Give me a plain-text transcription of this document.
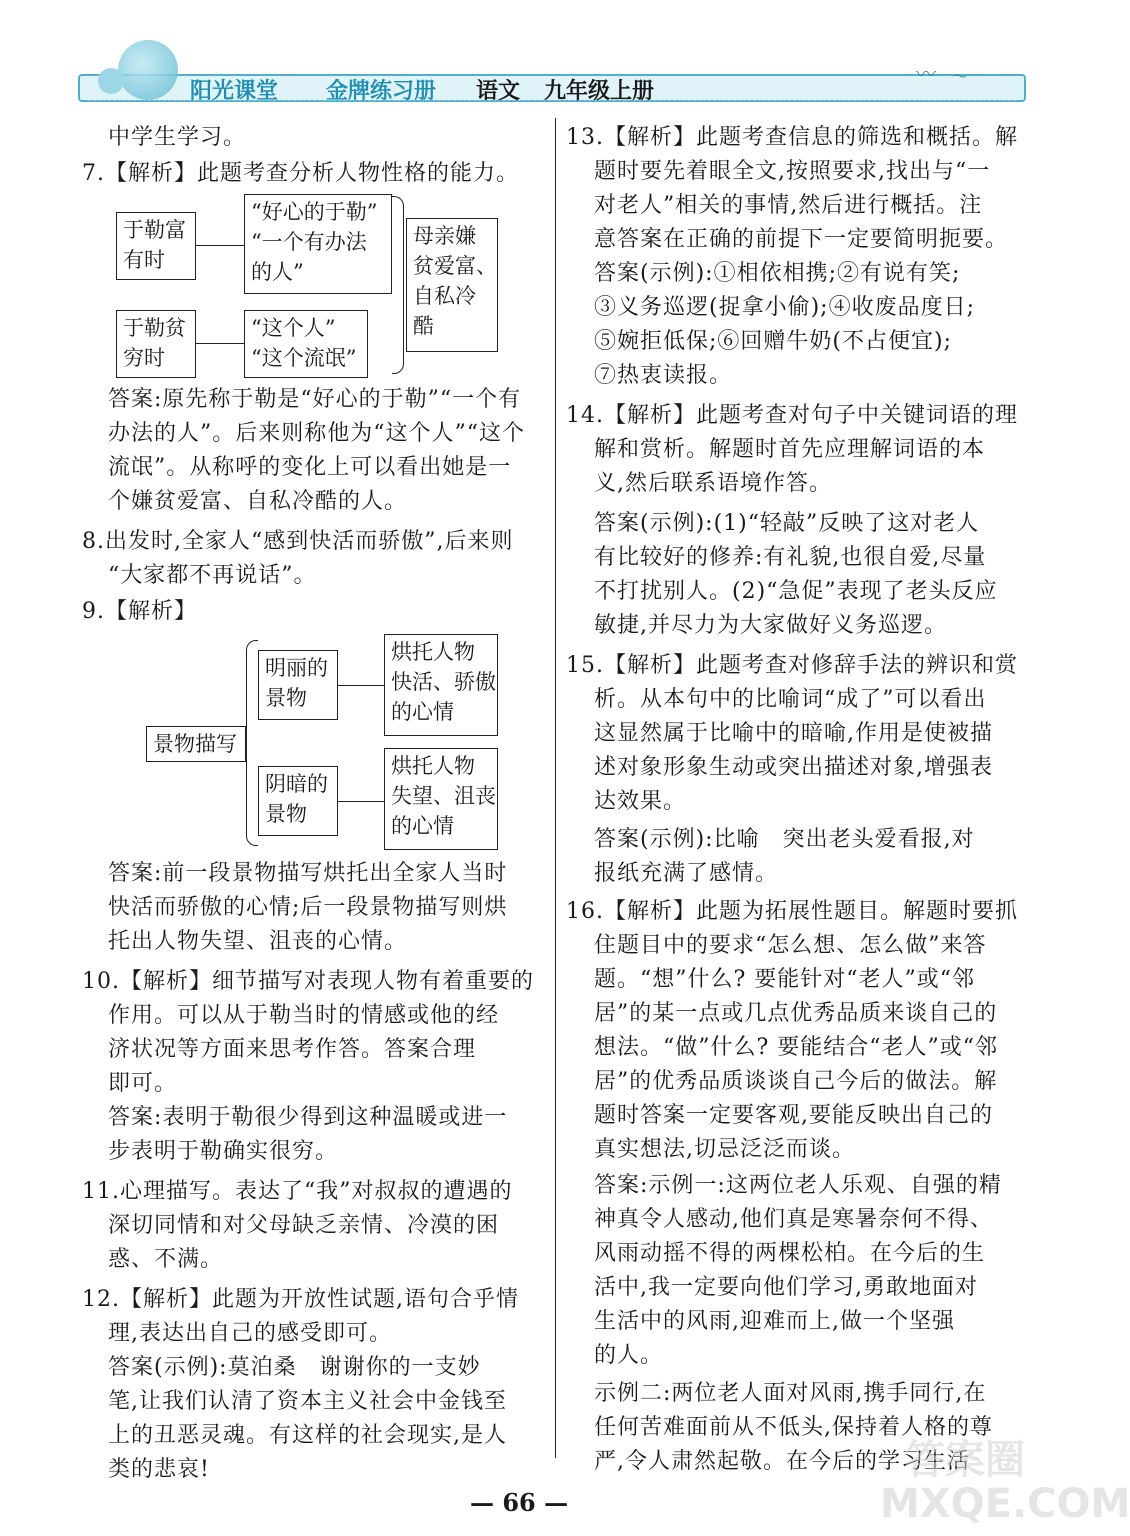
阳光课堂 金牌练习册 语文 九年级上册
〰 〜
中学生学习。
7.【解析】此题考查分析人物性格的能力。
于勒富
有时
“好心的于勒”
“一个有办法
的人”
于勒贫
穷时
“这个人”
“这个流氓”
母亲嫌
贫爱富、
自私冷
酷
答案:原先称于勒是“好心的于勒”“一个有
办法的人”。后来则称他为“这个人”“这个
流氓”。从称呼的变化上可以看出她是一
个嫌贫爱富、自私冷酷的人。
8.出发时,全家人“感到快活而骄傲”,后来则
“大家都不再说话”。
9.【解析】
景物描写
明丽的
景物
烘托人物
快活、骄傲
的心情
阴暗的
景物
烘托人物
失望、沮丧
的心情
答案:前一段景物描写烘托出全家人当时
快活而骄傲的心情;后一段景物描写则烘
托出人物失望、沮丧的心情。
10.【解析】细节描写对表现人物有着重要的
作用。可以从于勒当时的情感或他的经
济状况等方面来思考作答。答案合理
即可。
答案:表明于勒很少得到这种温暖或进一
步表明于勒确实很穷。
11.心理描写。表达了“我”对叔叔的遭遇的
深切同情和对父母缺乏亲情、冷漠的困
惑、不满。
12.【解析】此题为开放性试题,语句合乎情
理,表达出自己的感受即可。
答案(示例):莫泊桑　谢谢你的一支妙
笔,让我们认清了资本主义社会中金钱至
上的丑恶灵魂。有这样的社会现实,是人
类的悲哀!
13.【解析】此题考查信息的筛选和概括。解
题时要先着眼全文,按照要求,找出与“一
对老人”相关的事情,然后进行概括。注
意答案在正确的前提下一定要简明扼要。
答案(示例):①相依相携;②有说有笑;
③义务巡逻(捉拿小偷);④收废品度日;
⑤婉拒低保;⑥回赠牛奶(不占便宜);
⑦热衷读报。
14.【解析】此题考查对句子中关键词语的理
解和赏析。解题时首先应理解词语的本
义,然后联系语境作答。
答案(示例):(1)“轻敲”反映了这对老人
有比较好的修养:有礼貌,也很自爱,尽量
不打扰别人。(2)“急促”表现了老头反应
敏捷,并尽力为大家做好义务巡逻。
15.【解析】此题考查对修辞手法的辨识和赏
析。从本句中的比喻词“成了”可以看出
这显然属于比喻中的暗喻,作用是使被描
述对象形象生动或突出描述对象,增强表
达效果。
答案(示例):比喻　突出老头爱看报,对
报纸充满了感情。
16.【解析】此题为拓展性题目。解题时要抓
住题目中的要求“怎么想、怎么做”来答
题。“想”什么? 要能针对“老人”或“邻
居”的某一点或几点优秀品质来谈自己的
想法。“做”什么? 要能结合“老人”或“邻
居”的优秀品质谈谈自己今后的做法。解
题时答案一定要客观,要能反映出自己的
真实想法,切忌泛泛而谈。
答案:示例一:这两位老人乐观、自强的精
神真令人感动,他们真是寒暑奈何不得、
风雨动摇不得的两棵松柏。在今后的生
活中,我一定要向他们学习,勇敢地面对
生活中的风雨,迎难而上,做一个坚强
的人。
示例二:两位老人面对风雨,携手同行,在
任何苦难面前从不低头,保持着人格的尊
严,令人肃然起敬。在今后的学习生活
— 66 —
答案圈 MXQE.COM
